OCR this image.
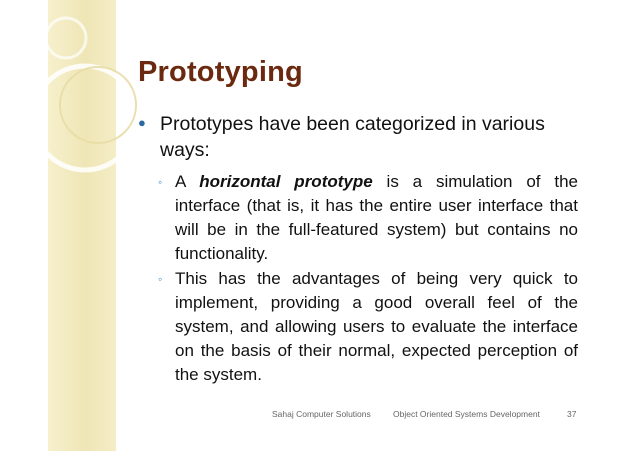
Prototyping
● Prototypes have been categorized in various ways:
◦ A horizontal prototype is a simulation of the interface (that is, it has the entire user interface that will be in the full-featured system) but contains no functionality.
◦ This has the advantages of being very quick to implement, providing a good overall feel of the system, and allowing users to evaluate the interface on the basis of their normal, expected perception of the system.
Sahaj Computer Solutions	Object Oriented Systems Development	37
